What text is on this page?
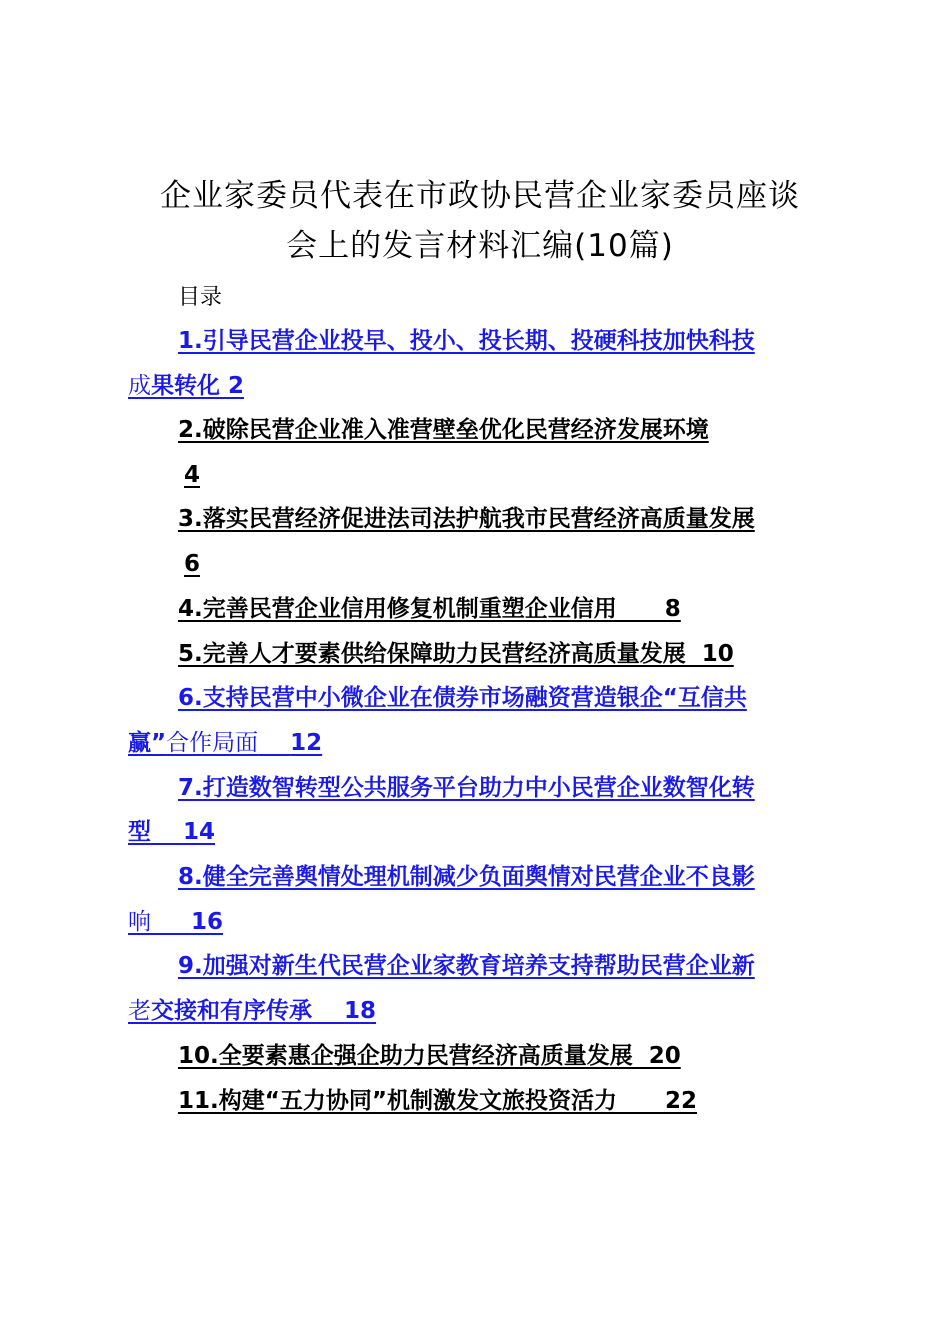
企业家委员代表在市政协民营企业家委员座谈
会上的发言材料汇编(10篇)
目录
1.引导民营企业投早、投小、投长期、投硬科技加快科技
成果转化 2
2.破除民营企业准入准营壁垒优化民营经济发展环境
4
3.落实民营经济促进法司法护航我市民营经济高质量发展
6
4.完善民营企业信用修复机制重塑企业信用      8
5.完善人才要素供给保障助力民营经济高质量发展  10
6.支持民营中小微企业在债券市场融资营造银企“互信共
赢”合作局面 12
7.打造数智转型公共服务平台助力中小民营企业数智化转
型 14
8.健全完善舆情处理机制减少负面舆情对民营企业不良影
响 16
9.加强对新生代民营企业家教育培养支持帮助民营企业新
老交接和有序传承 18
10.全要素惠企强企助力民营经济高质量发展  20
11.构建“五力协同”机制激发文旅投资活力      22
